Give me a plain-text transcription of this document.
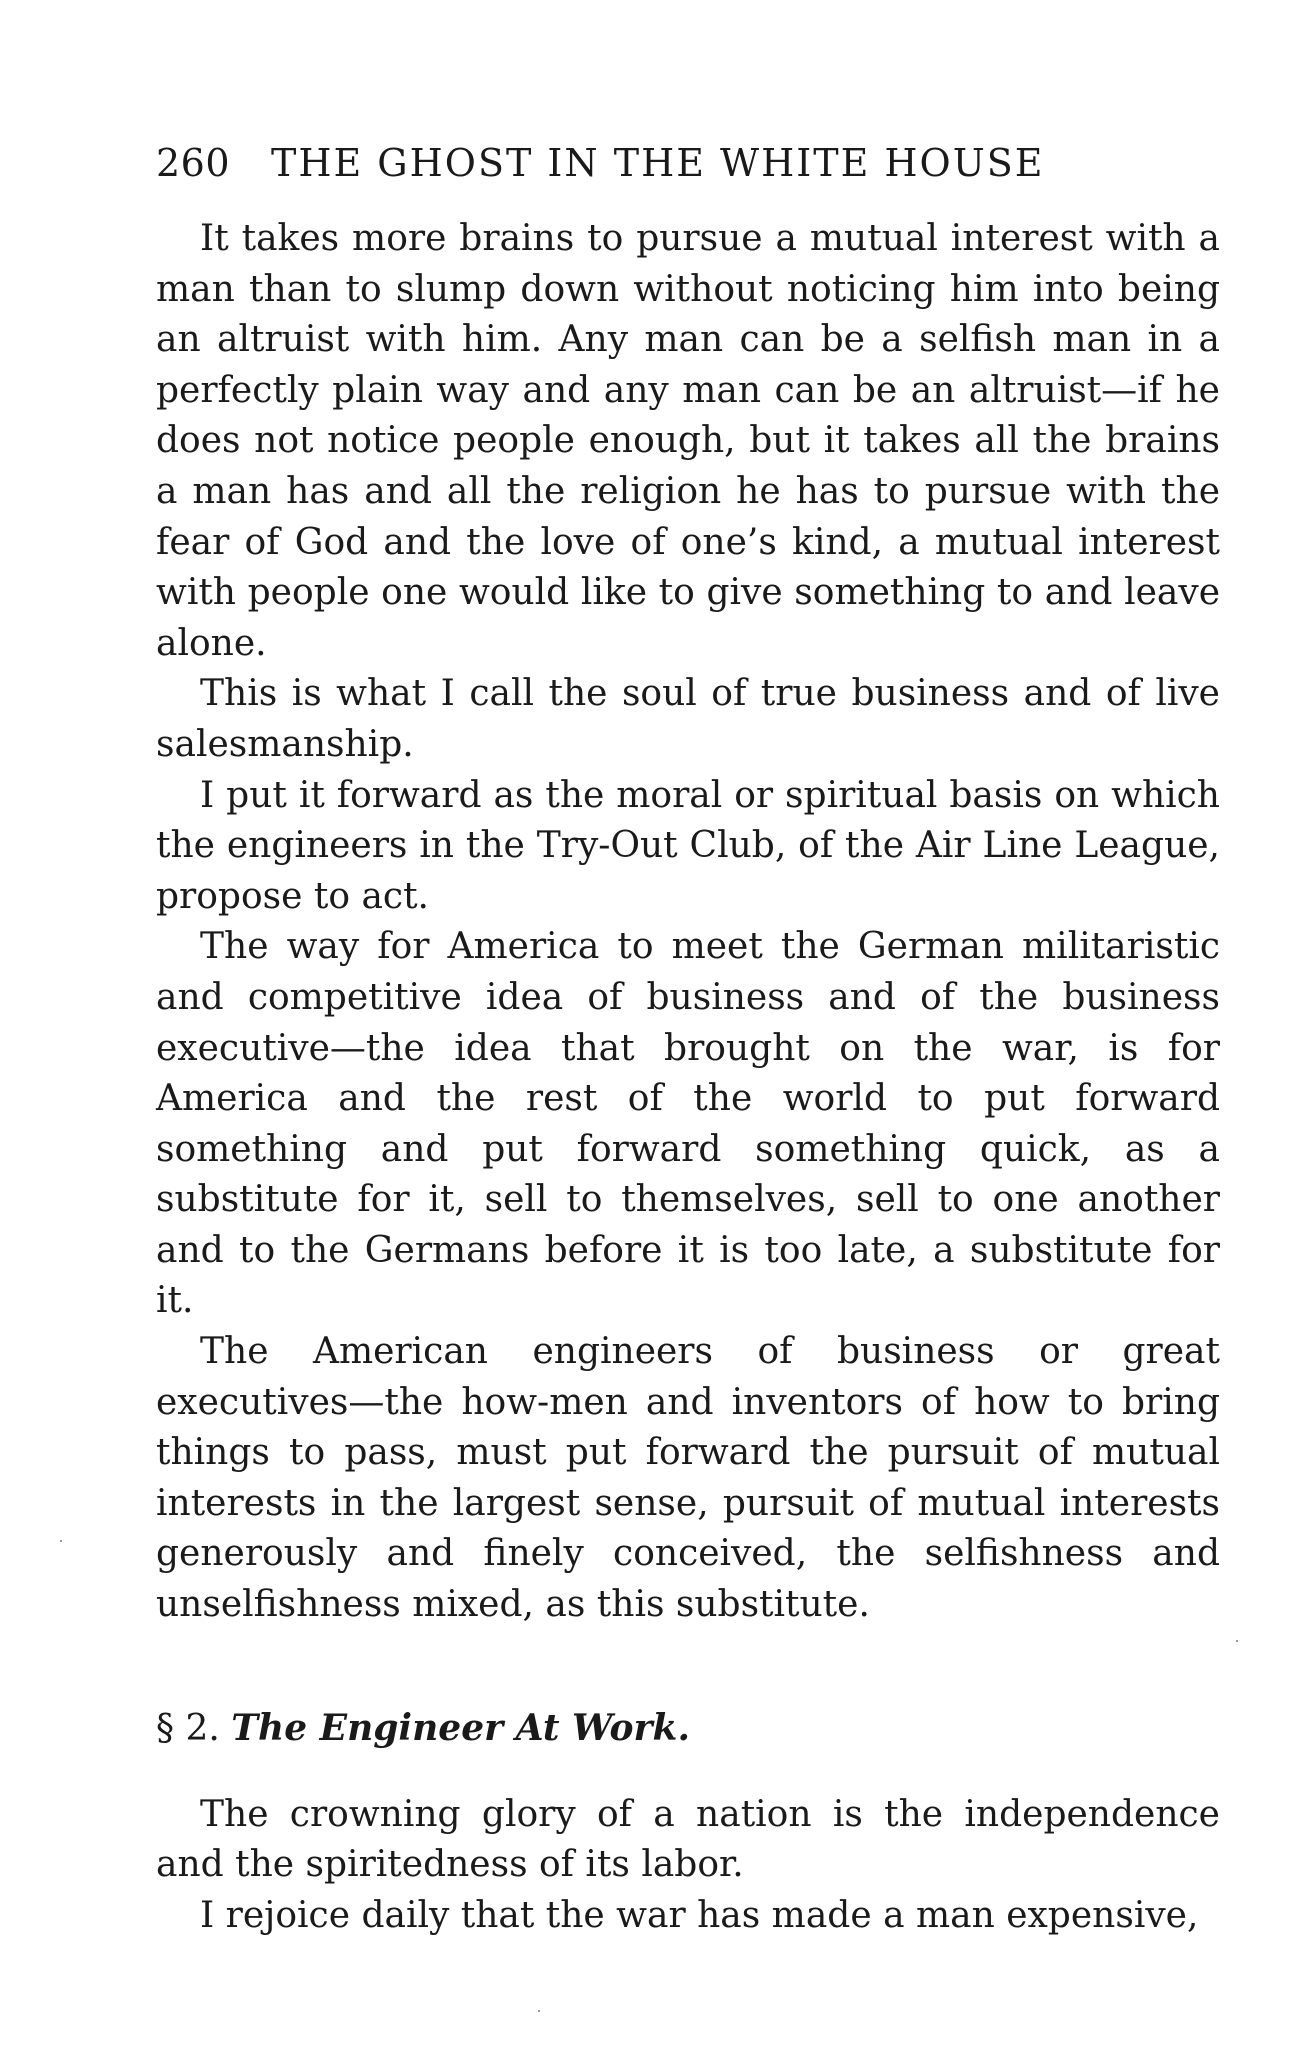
260	THE GHOST IN THE WHITE HOUSE

It takes more brains to pursue a mutual interest with a man than to slump down without noticing him into being an altruist with him. Any man can be a selfish man in a perfectly plain way and any man can be an altruist—if he does not notice people enough, but it takes all the brains a man has and all the religion he has to pursue with the fear of God and the love of one’s kind, a mutual interest with people one would like to give something to and leave alone.

This is what I call the soul of true business and of live salesmanship.

I put it forward as the moral or spiritual basis on which the engineers in the Try-Out Club, of the Air Line League, propose to act.

The way for America to meet the German militaristic and competitive idea of business and of the business executive—the idea that brought on the war, is for America and the rest of the world to put forward something and put forward something quick, as a substitute for it, sell to themselves, sell to one another and to the Germans before it is too late, a substitute for it.

The American engineers of business or great executives—the how-men and inventors of how to bring things to pass, must put forward the pursuit of mutual interests in the largest sense, pursuit of mutual interests generously and finely conceived, the selfishness and unselfishness mixed, as this substitute.

§ 2. The Engineer At Work.

The crowning glory of a nation is the independence and the spiritedness of its labor.

I rejoice daily that the war has made a man expensive,
